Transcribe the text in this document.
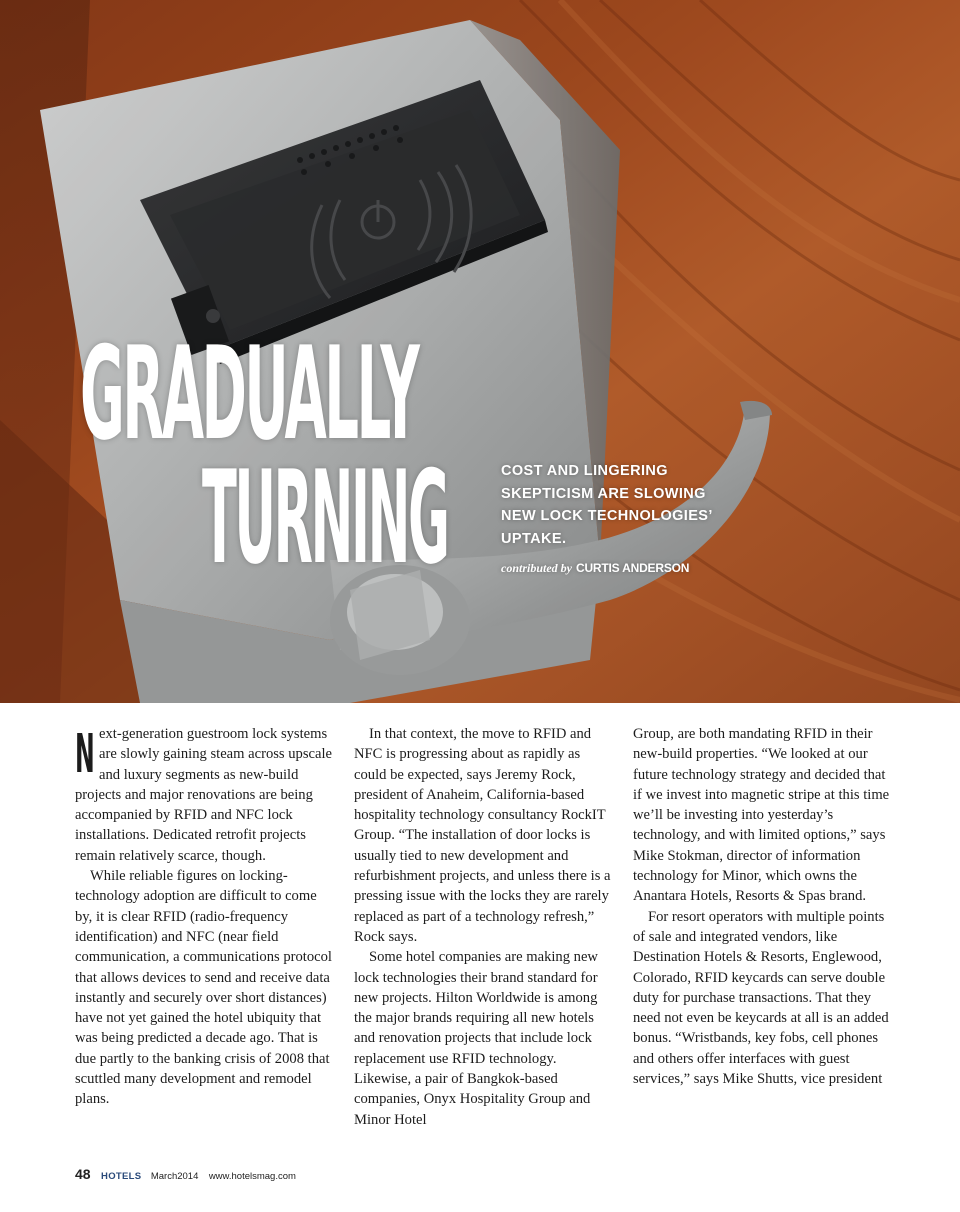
GRADUALLY
TURNING	COST AND LINGERING SKEPTICISM ARE SLOWING NEW LOCK TECHNOLOGIES’ UPTAKE.

contributed by CURTIS ANDERSON

Next-generation guestroom lock systems are slowly gaining steam across upscale and luxury segments as new-build projects and major renovations are being accompanied by RFID and NFC lock installations. Dedicated retrofit projects remain relatively scarce, though.

While reliable figures on locking-technology adoption are difficult to come by, it is clear RFID (radio-frequency identification) and NFC (near field communication, a communications protocol that allows devices to send and receive data instantly and securely over short distances) have not yet gained the hotel ubiquity that was being predicted a decade ago. That is due partly to the banking crisis of 2008 that scuttled many development and remodel plans.

In that context, the move to RFID and NFC is progressing about as rapidly as could be expected, says Jeremy Rock, president of Anaheim, California-based hospitality technology consultancy RockIT Group. “The installation of door locks is usually tied to new development and refurbishment projects, and unless there is a pressing issue with the locks they are rarely replaced as part of a technology refresh,” Rock says.

Some hotel companies are making new lock technologies their brand standard for new projects. Hilton Worldwide is among the major brands requiring all new hotels and renovation projects that include lock replacement use RFID technology. Likewise, a pair of Bangkok-based companies, Onyx Hospitality Group and Minor Hotel

Group, are both mandating RFID in their new-build properties. “We looked at our future technology strategy and decided that if we invest into magnetic stripe at this time we’ll be investing into yesterday’s technology, and with limited options,” says Mike Stokman, director of information technology for Minor, which owns the Anantara Hotels, Resorts & Spas brand.

For resort operators with multiple points of sale and integrated vendors, like Destination Hotels & Resorts, Englewood, Colorado, RFID keycards can serve double duty for purchase transactions. That they need not even be keycards at all is an added bonus. “Wristbands, key fobs, cell phones and others offer interfaces with guest services,” says Mike Shutts, vice president

48 HOTELS March2014 www.hotelsmag.com
